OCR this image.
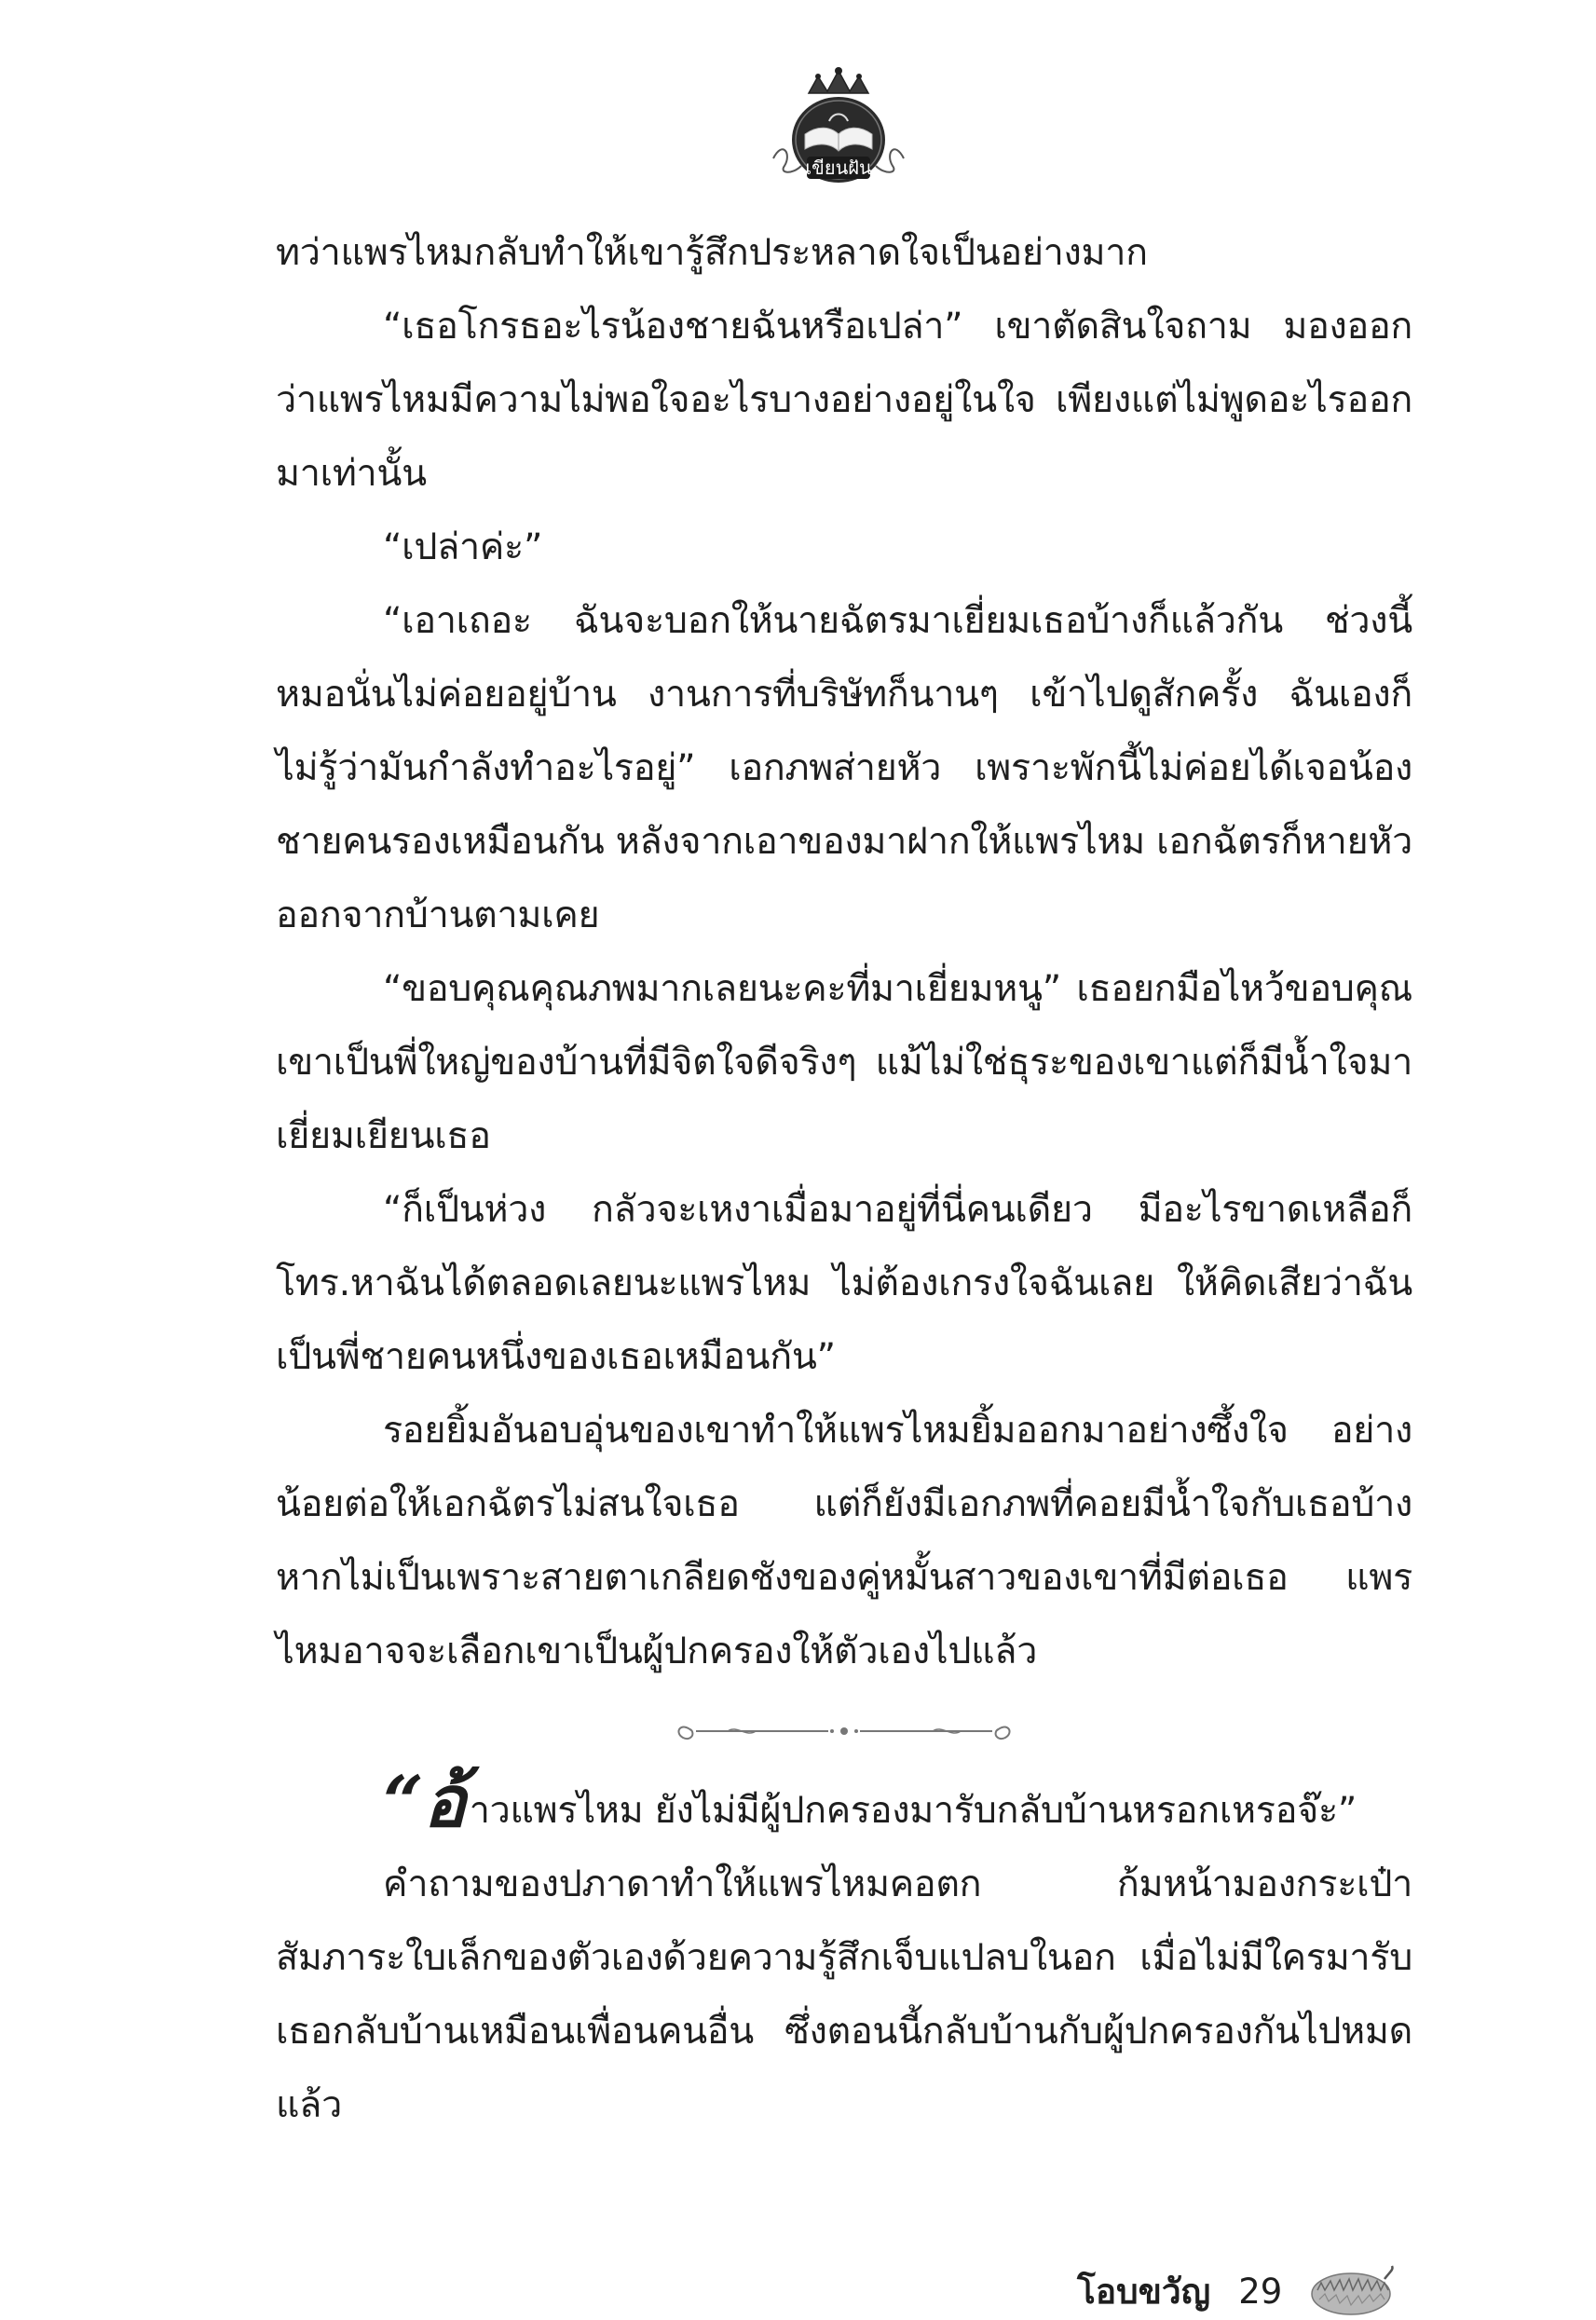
เขียนฝัน

ทว่าแพรไหมกลับทำให้เขารู้สึกประหลาดใจเป็นอย่างมาก

“เธอโกรธอะไรน้องชายฉันหรือเปล่า” เขาตัดสินใจถาม มองออกว่าแพรไหมมีความไม่พอใจอะไรบางอย่างอยู่ในใจ เพียงแต่ไม่พูดอะไรออกมาเท่านั้น

“เปล่าค่ะ”

“เอาเถอะ ฉันจะบอกให้นายฉัตรมาเยี่ยมเธอบ้างก็แล้วกัน ช่วงนี้หมอนั่นไม่ค่อยอยู่บ้าน งานการที่บริษัทก็นานๆ เข้าไปดูสักครั้ง ฉันเองก็ไม่รู้ว่ามันกำลังทำอะไรอยู่” เอกภพส่ายหัว เพราะพักนี้ไม่ค่อยได้เจอน้องชายคนรองเหมือนกัน หลังจากเอาของมาฝากให้แพรไหม เอกฉัตรก็หายหัวออกจากบ้านตามเคย

“ขอบคุณคุณภพมากเลยนะคะที่มาเยี่ยมหนู” เธอยกมือไหว้ขอบคุณ เขาเป็นพี่ใหญ่ของบ้านที่มีจิตใจดีจริงๆ แม้ไม่ใช่ธุระของเขาแต่ก็มีน้ำใจมาเยี่ยมเยียนเธอ

“ก็เป็นห่วง กลัวจะเหงาเมื่อมาอยู่ที่นี่คนเดียว มีอะไรขาดเหลือก็โทร.หาฉันได้ตลอดเลยนะแพรไหม ไม่ต้องเกรงใจฉันเลย ให้คิดเสียว่าฉันเป็นพี่ชายคนหนึ่งของเธอเหมือนกัน”

รอยยิ้มอันอบอุ่นของเขาทำให้แพรไหมยิ้มออกมาอย่างซึ้งใจ อย่างน้อยต่อให้เอกฉัตรไม่สนใจเธอ แต่ก็ยังมีเอกภพที่คอยมีน้ำใจกับเธอบ้าง หากไม่เป็นเพราะสายตาเกลียดชังของคู่หมั้นสาวของเขาที่มีต่อเธอ แพรไหมอาจจะเลือกเขาเป็นผู้ปกครองให้ตัวเองไปแล้ว

“อ้าวแพรไหม ยังไม่มีผู้ปกครองมารับกลับบ้านหรอกเหรอจ๊ะ”

คำถามของปภาดาทำให้แพรไหมคอตก ก้มหน้ามองกระเป๋าสัมภาระใบเล็กของตัวเองด้วยความรู้สึกเจ็บแปลบในอก เมื่อไม่มีใครมารับเธอกลับบ้านเหมือนเพื่อนคนอื่น ซึ่งตอนนี้กลับบ้านกับผู้ปกครองกันไปหมดแล้ว

โอบขวัญ 29
